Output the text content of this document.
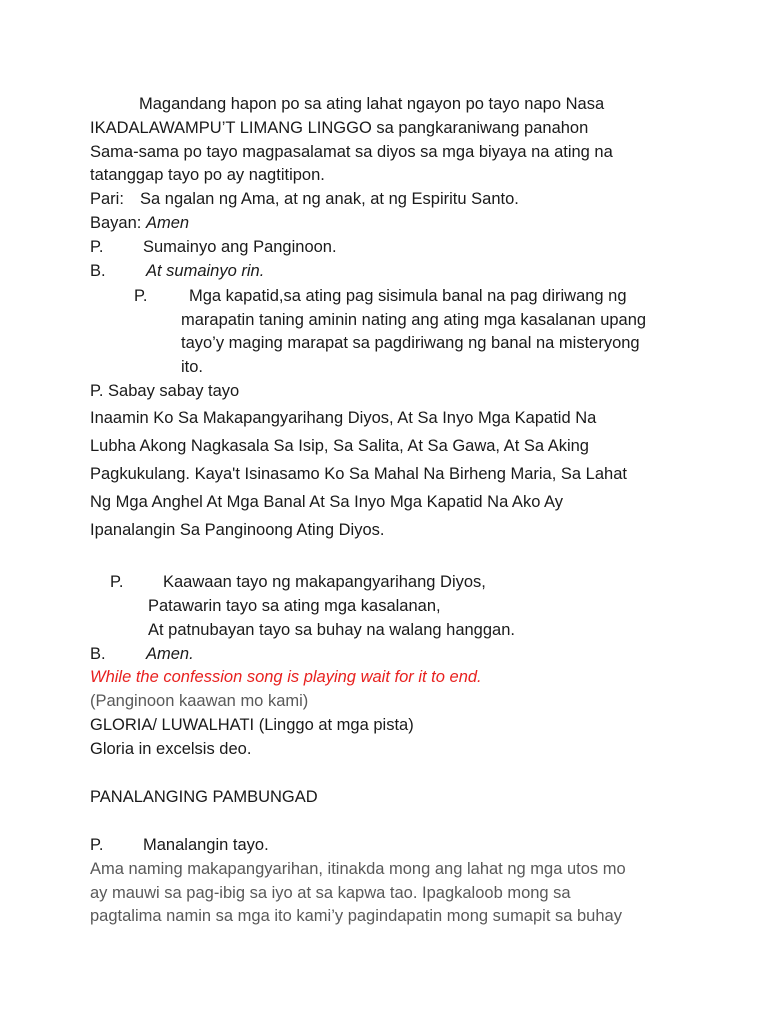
Magandang hapon po sa ating lahat ngayon po tayo napo Nasa

IKADALAWAMPU’T LIMANG LINGGO sa pangkaraniwang panahon

Sama-sama po tayo magpasalamat sa diyos sa mga biyaya na ating na

tatanggap tayo po ay nagtitipon.

Pari: Sa ngalan ng Ama, at ng anak, at ng Espiritu Santo.

Bayan: Amen

P. Sumainyo ang Panginoon.

B. At sumainyo rin.

P.	Mga kapatid,sa ating pag sisimula banal na pag diriwang ng

marapatin taning aminin nating ang ating mga kasalanan upang

tayo’y maging marapat sa pagdiriwang ng banal na misteryong

ito.

P. Sabay sabay tayo

Inaamin Ko Sa Makapangyarihang Diyos, At Sa Inyo Mga Kapatid Na

Lubha Akong Nagkasala Sa Isip, Sa Salita, At Sa Gawa, At Sa Aking

Pagkukulang. Kaya't Isinasamo Ko Sa Mahal Na Birheng Maria, Sa Lahat

Ng Mga Anghel At Mga Banal At Sa Inyo Mga Kapatid Na Ako Ay

Ipanalangin Sa Panginoong Ating Diyos.

P. Kaawaan tayo ng makapangyarihang Diyos,

Patawarin tayo sa ating mga kasalanan,

At patnubayan tayo sa buhay na walang hanggan.

B. Amen.

While the confession song is playing wait for it to end.

(Panginoon kaawan mo kami)

GLORIA/ LUWALHATI (Linggo at mga pista)

Gloria in excelsis deo.

PANALANGING PAMBUNGAD

P. Manalangin tayo.

Ama naming makapangyarihan, itinakda mong ang lahat ng mga utos mo

ay mauwi sa pag-ibig sa iyo at sa kapwa tao. Ipagkaloob mong sa

pagtalima namin sa mga ito kami’y pagindapatin mong sumapit sa buhay
